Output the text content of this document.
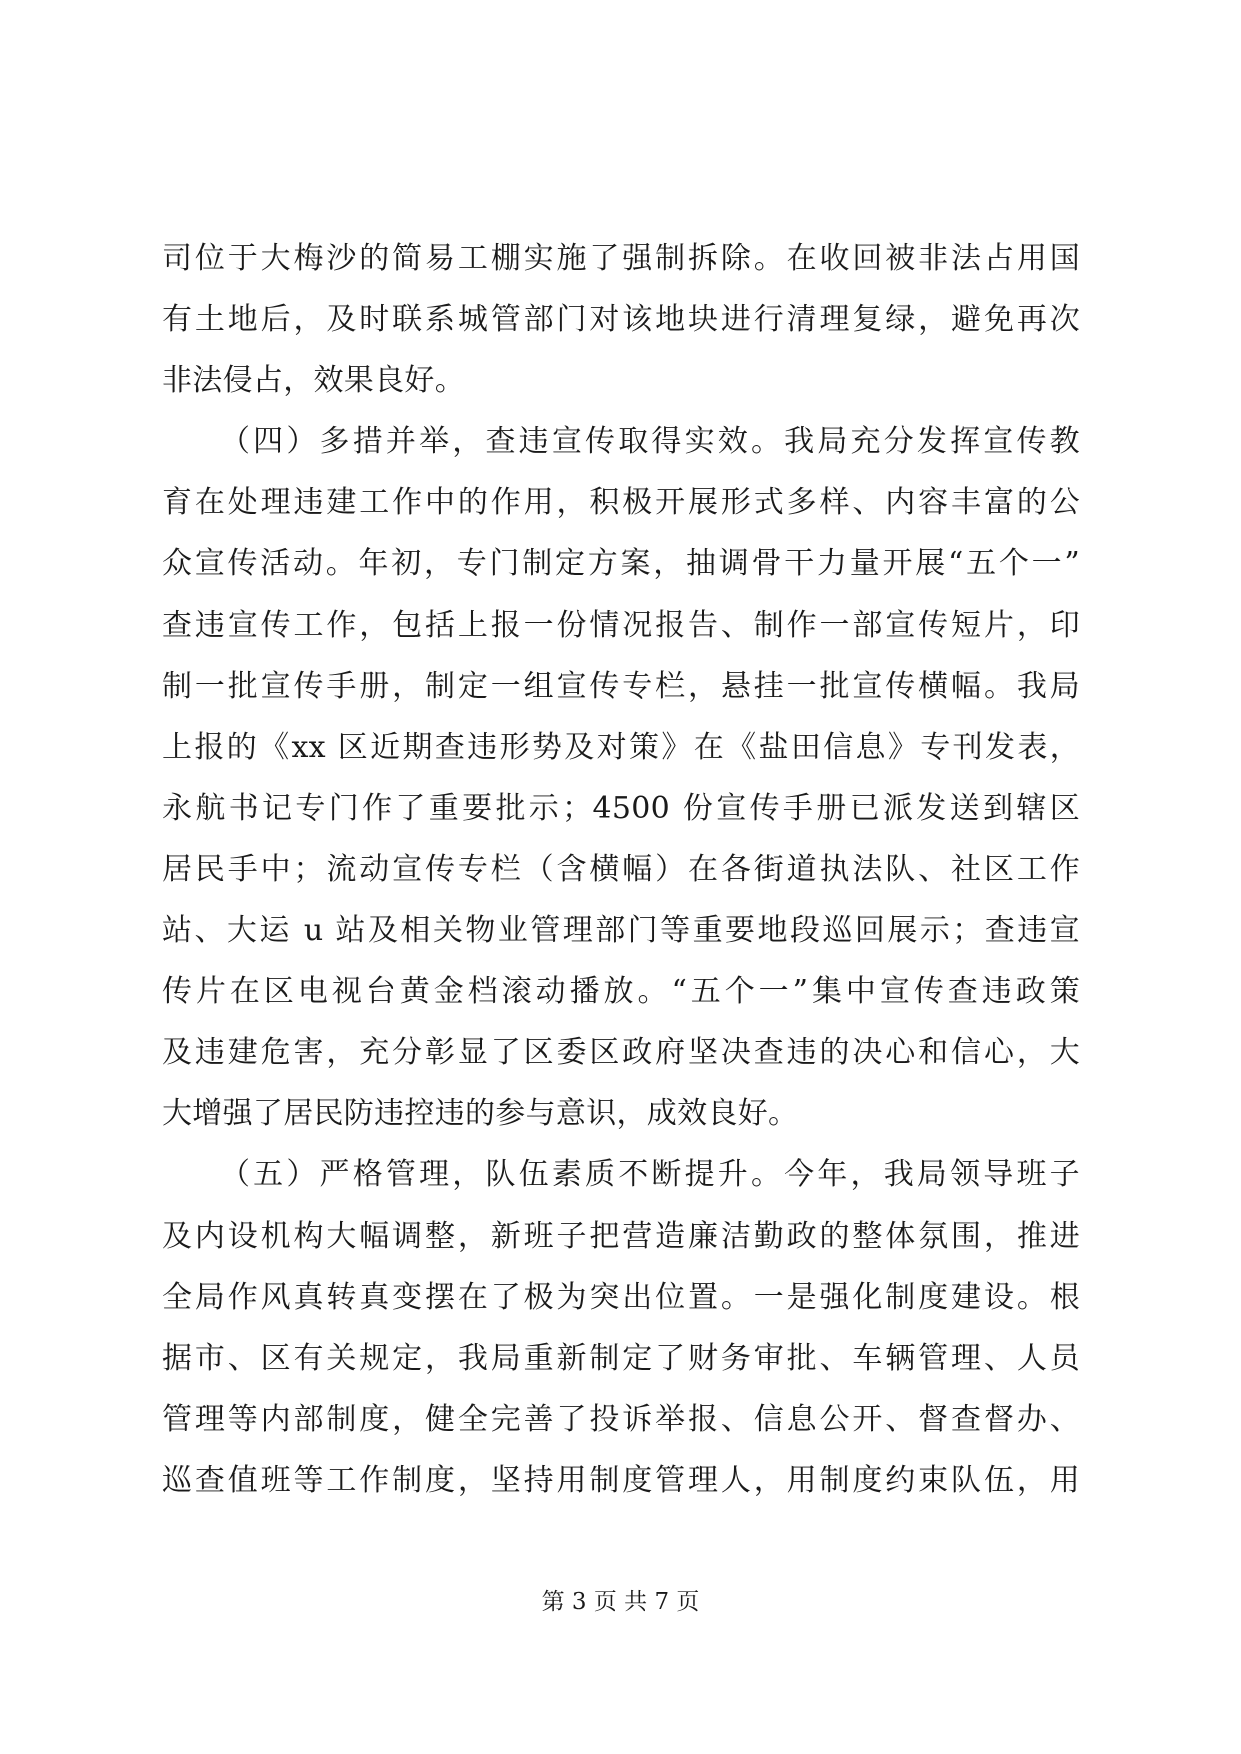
司位于大梅沙的简易工棚实施了强制拆除。在收回被非法占用国
有土地后，及时联系城管部门对该地块进行清理复绿，避免再次
非法侵占，效果良好。
（四）多措并举，查违宣传取得实效。我局充分发挥宣传教
育在处理违建工作中的作用，积极开展形式多样、内容丰富的公
众宣传活动。年初，专门制定方案，抽调骨干力量开展“五个一”
查违宣传工作，包括上报一份情况报告、制作一部宣传短片，印
制一批宣传手册，制定一组宣传专栏，悬挂一批宣传横幅。我局
上报的《xx 区近期查违形势及对策》在《盐田信息》专刊发表，
永航书记专门作了重要批示；4500 份宣传手册已派发送到辖区
居民手中；流动宣传专栏（含横幅）在各街道执法队、社区工作
站、大运 u 站及相关物业管理部门等重要地段巡回展示；查违宣
传片在区电视台黄金档滚动播放。“五个一”集中宣传查违政策
及违建危害，充分彰显了区委区政府坚决查违的决心和信心，大
大增强了居民防违控违的参与意识，成效良好。
（五）严格管理，队伍素质不断提升。今年，我局领导班子
及内设机构大幅调整，新班子把营造廉洁勤政的整体氛围，推进
全局作风真转真变摆在了极为突出位置。一是强化制度建设。根
据市、区有关规定，我局重新制定了财务审批、车辆管理、人员
管理等内部制度，健全完善了投诉举报、信息公开、督查督办、
巡查值班等工作制度，坚持用制度管理人，用制度约束队伍，用
第 3 页 共 7 页
